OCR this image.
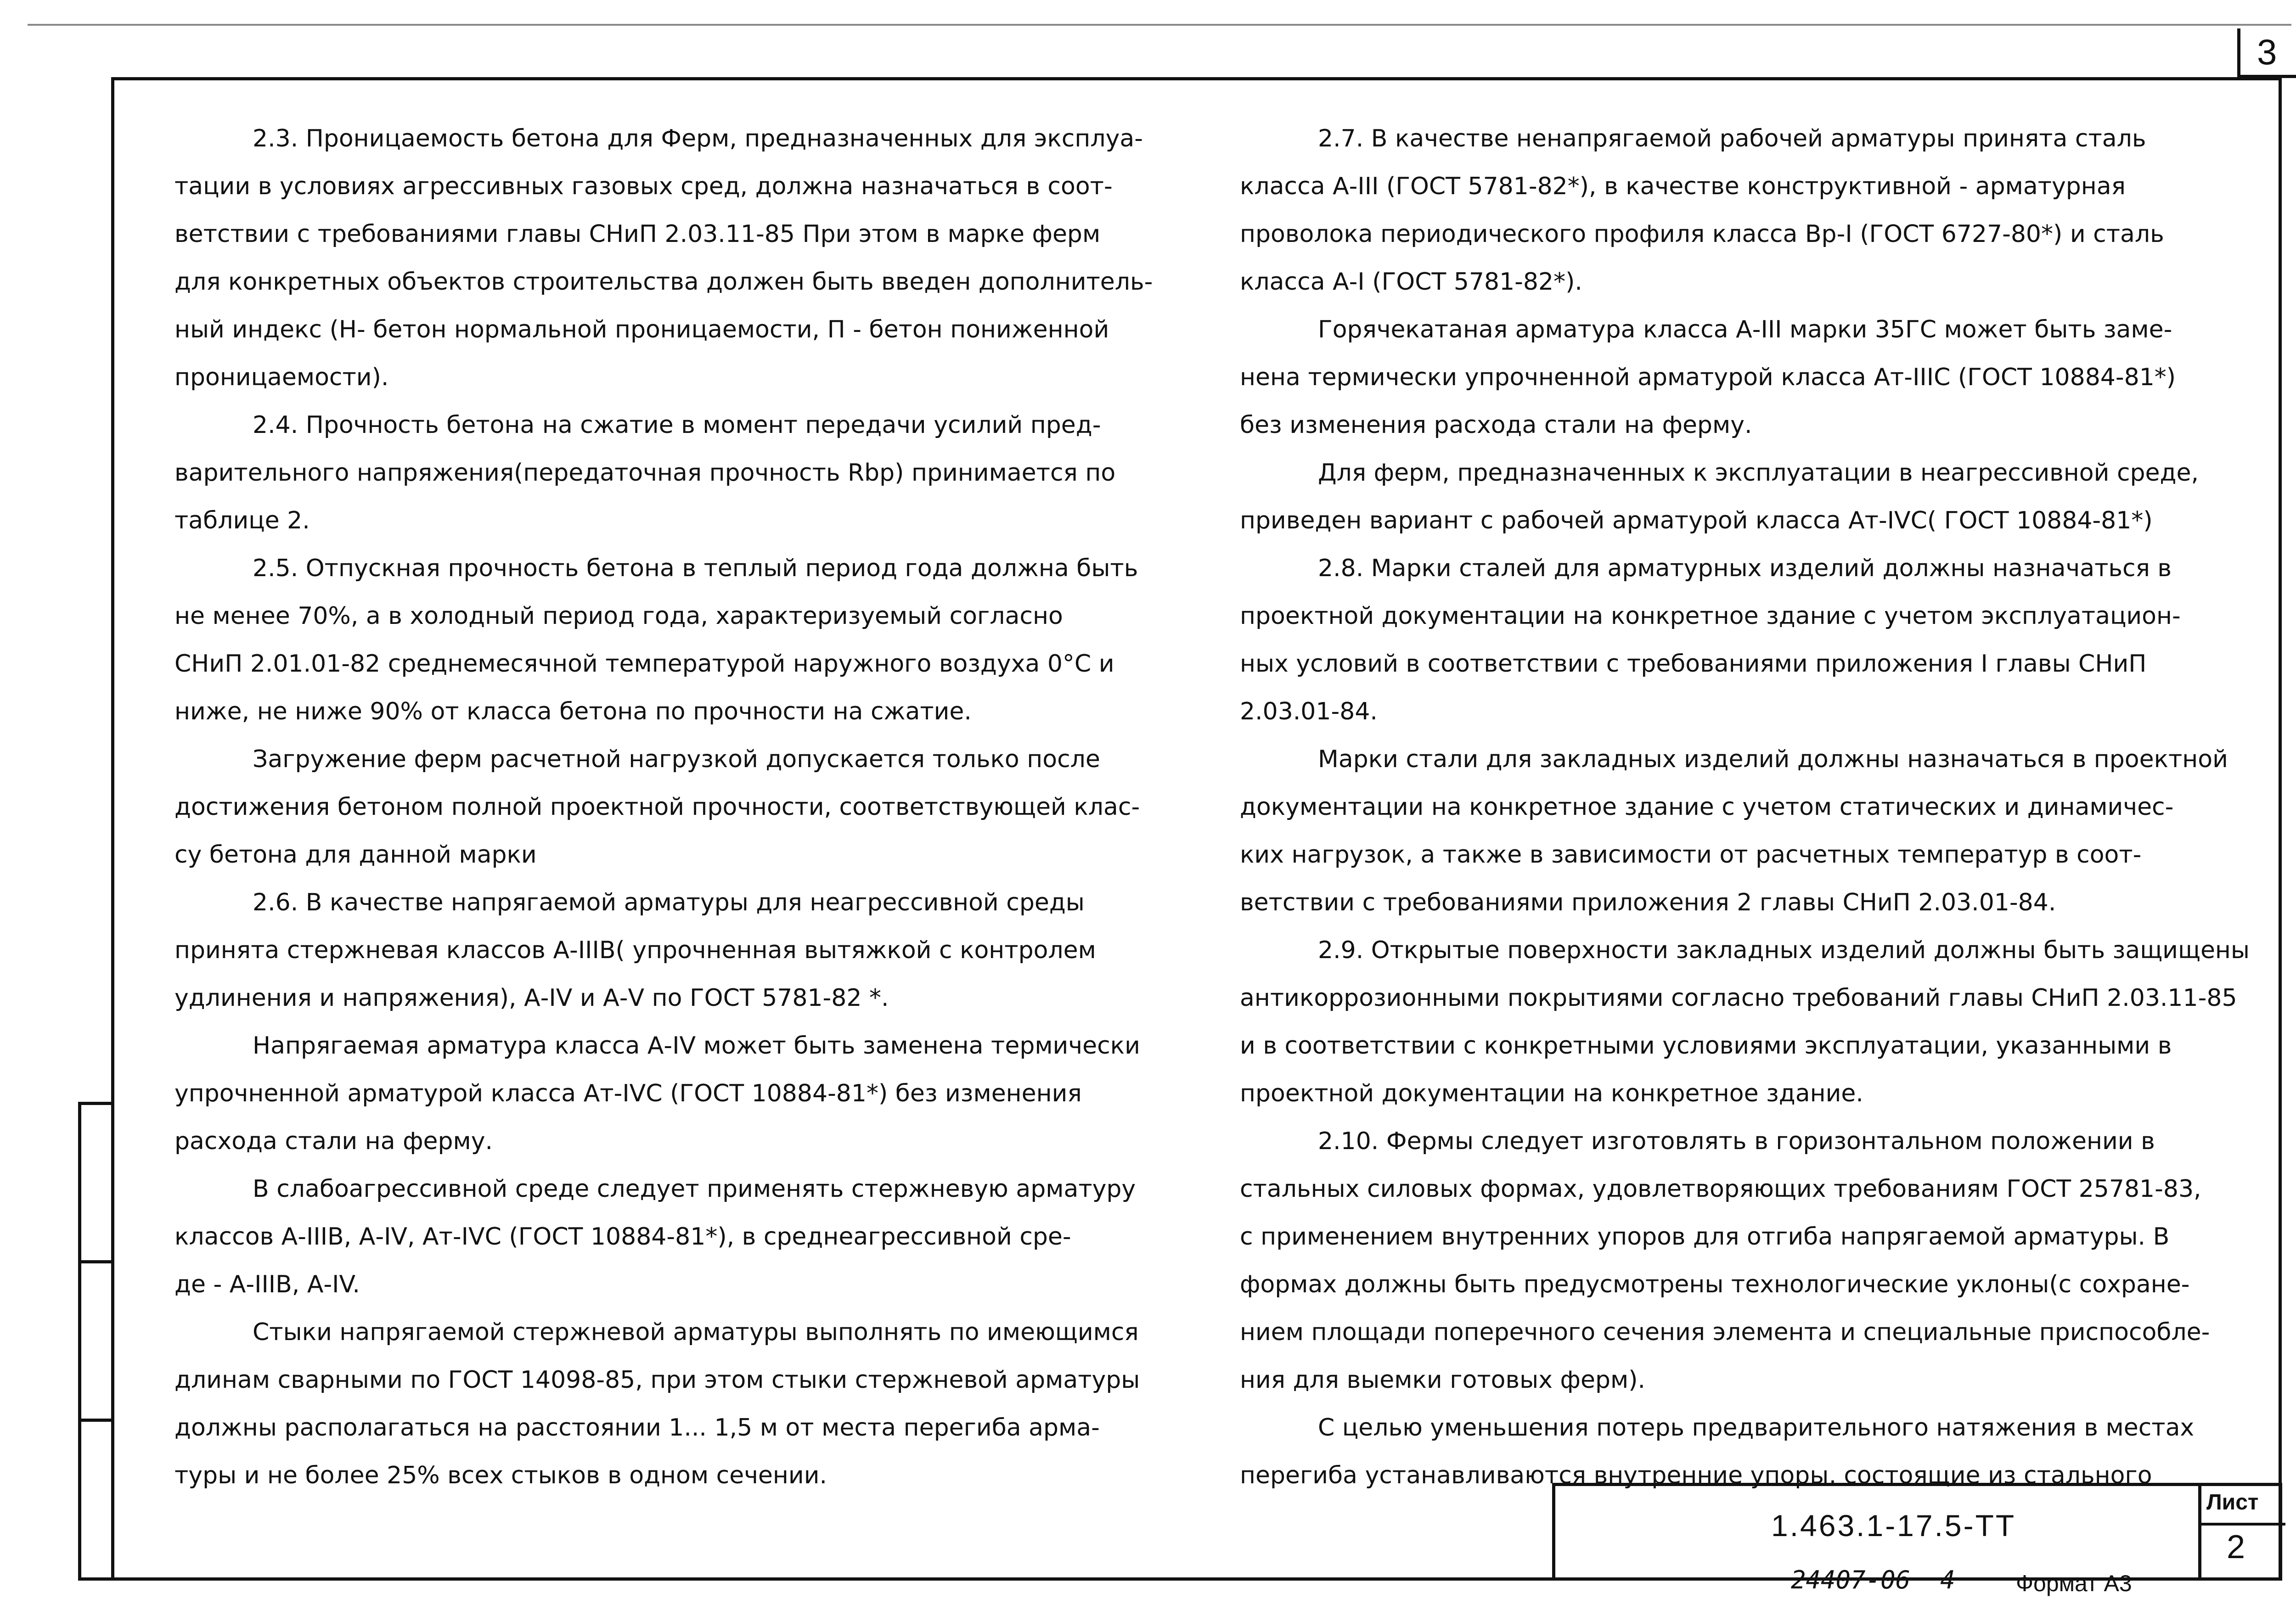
3

2.3. Проницаемость бетона для Ферм, предназначенных для эксплуа-

тации в условиях агрессивных газовых сред, должна назначаться в соот-

ветствии с требованиями главы СНиП 2.03.11-85 При этом в марке ферм

для конкретных объектов строительства должен быть введен дополнитель-

ный индекс (Н- бетон нормальной проницаемости, П - бетон пониженной

проницаемости).

2.4. Прочность бетона на сжатие в момент передачи усилий пред-

варительного напряжения(передаточная прочность Rbp) принимается по

таблице 2.

2.5. Отпускная прочность бетона в теплый период года должна быть

не менее 70%, а в холодный период года, характеризуемый согласно

СНиП 2.01.01-82 среднемесячной температурой наружного воздуха 0°С и

ниже, не ниже 90% от класса бетона по прочности на сжатие.

Загружение ферм расчетной нагрузкой допускается только после

достижения бетоном полной проектной прочности, соответствующей клас-

су бетона для данной марки

2.6. В качестве напрягаемой арматуры для неагрессивной среды

принята стержневая классов А-IIIВ( упрочненная вытяжкой с контролем

удлинения и напряжения), А-IV и А-V по ГОСТ 5781-82 *.

Напрягаемая арматура класса А-IV может быть заменена термически

упрочненной арматурой класса Ат-IVС (ГОСТ 10884-81*) без изменения

расхода стали на ферму.

В слабоагрессивной среде следует применять стержневую арматуру

классов А-IIIВ, А-IV, Ат-IVС (ГОСТ 10884-81*), в среднеагрессивной сре-

де - А-IIIВ, А-IV.

Стыки напрягаемой стержневой арматуры выполнять по имеющимся

длинам сварными по ГОСТ 14098-85, при этом стыки стержневой арматуры

должны располагаться на расстоянии 1... 1,5 м от места перегиба арма-

туры и не более 25% всех стыков в одном сечении.

2.7. В качестве ненапрягаемой рабочей арматуры принята сталь

класса А-III (ГОСТ 5781-82*), в качестве конструктивной - арматурная

проволока периодического профиля класса Вр-I (ГОСТ 6727-80*) и сталь

класса А-I (ГОСТ 5781-82*).

Горячекатаная арматура класса А-III марки 35ГС может быть заме-

нена термически упрочненной арматурой класса Ат-IIIС (ГОСТ 10884-81*)

без изменения расхода стали на ферму.

Для ферм, предназначенных к эксплуатации в неагрессивной среде,

приведен вариант с рабочей арматурой класса Ат-IVС( ГОСТ 10884-81*)

2.8. Марки сталей для арматурных изделий должны назначаться в

проектной документации на конкретное здание с учетом эксплуатацион-

ных условий в соответствии с требованиями приложения I главы СНиП

2.03.01-84.

Марки стали для закладных изделий должны назначаться в проектной

документации на конкретное здание с учетом статических и динамичес-

ких нагрузок, а также в зависимости от расчетных температур в соот-

ветствии с требованиями приложения 2 главы СНиП 2.03.01-84.

2.9. Открытые поверхности закладных изделий должны быть защищены

антикоррозионными покрытиями согласно требований главы СНиП 2.03.11-85

и в соответствии с конкретными условиями эксплуатации, указанными в

проектной документации на конкретное здание.

2.10. Фермы следует изготовлять в горизонтальном положении в

стальных силовых формах, удовлетворяющих требованиям ГОСТ 25781-83,

с применением внутренних упоров для отгиба напрягаемой арматуры. В

формах должны быть предусмотрены технологические уклоны(с сохране-

нием площади поперечного сечения элемента и специальные приспособле-

ния для выемки готовых ферм).

С целью уменьшения потерь предварительного натяжения в местах

перегиба устанавливаются внутренние упоры, состоящие из стального

1.463.1-17.5-ТТ
Лист
2
24407-06  4	Формат А3
